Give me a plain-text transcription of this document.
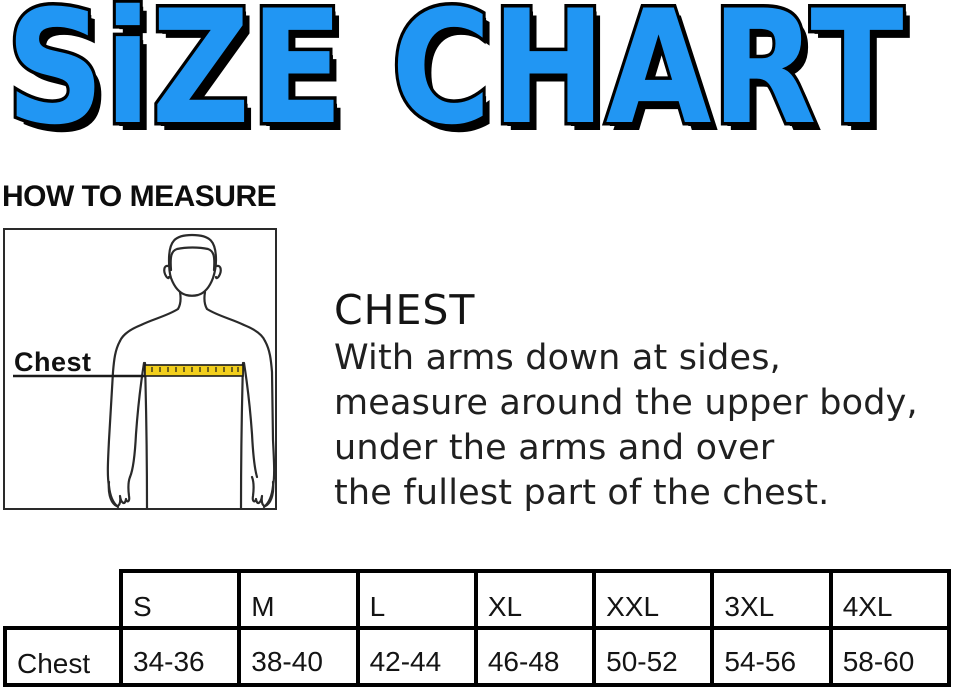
SiZE CHART
HOW TO MEASURE
Chest
CHEST
With arms down at sides,
measure around the upper body,
under the arms and over
the fullest part of the chest.
	S	M	L	XL	XXL	3XL	4XL
Chest	34-36	38-40	42-44	46-48	50-52	54-56	58-60
